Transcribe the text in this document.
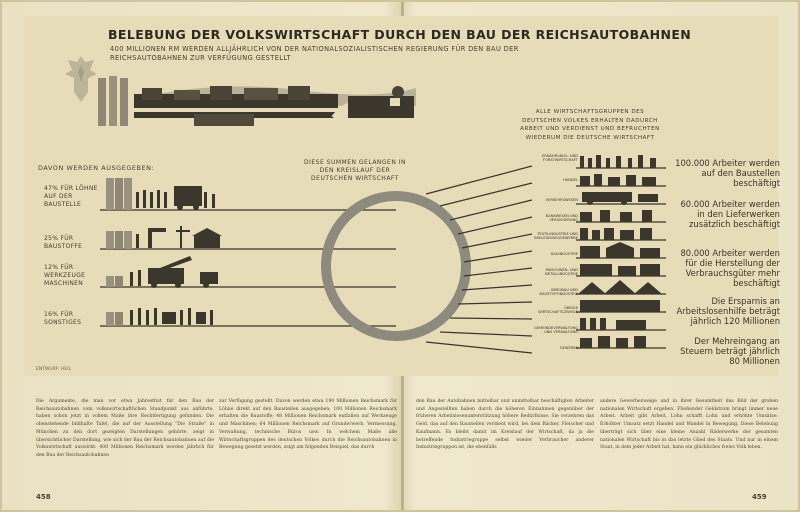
BELEBUNG DER VOLKSWIRTSCHAFT DURCH DEN BAU DER REICHSAUTOBAHNEN
400 MILLIONEN RM WERDEN ALLJÄHRLICH VON DER NATIONALSOZIALISTISCHEN REGIERUNG FÜR DEN BAU DER REICHSAUTOBAHNEN ZUR VERFÜGUNG GESTELLT
DAVON WERDEN AUSGEGEBEN:
47% FÜR LÖHNE AUF DER BAUSTELLE
25% FÜR BAUSTOFFE
12% FÜR WERKZEUGE MASCHINEN
16% FÜR SONSTIGES
DIESE SUMMEN GELANGEN IN DEN KREISLAUF DER DEUTSCHEN WIRTSCHAFT
ALLE WIRTSCHAFTSGRUPPEN DES DEUTSCHEN VOLKES ERHALTEN DADURCH ARBEIT UND VERDIENST UND BEFRUCHTEN WIEDERUM DIE DEUTSCHE WIRTSCHAFT
ERNÄHRUNGS- UND FORSTWIRTSCHAFT
HANDEL
VERKEHRSWESEN
BANKWESEN UND VERSICHERUNG
TEXTILINDUSTRIE UND BEKLEIDUNGSGEWERBE
BAUINDUSTRIE
MASCHINEN- UND METALLINDUSTRIE
BERGBAU UND BAUSTOFFINDUSTRIE
ÜBRIGE WIRTSCHAFTSZWEIGE
GEMEINDEVERWALTUNG UND VERWALTUNG
GEWERBE
100.000 Arbeiter werden auf den Baustellen beschäftigt
60.000 Arbeiter werden in den Lieferwerken zusätzlich beschäftigt
80.000 Arbeiter werden für die Herstellung der Verbrauchsgüter mehr beschäftigt
Die Ersparnis an Arbeitslosenhilfe beträgt jährlich 120 Millionen
Der Mehreingang an Steuern beträgt jährlich 80 Millionen
ENTWURF: HEIL
Die Argumente, die man vor etwa Jahresfrist für den Bau der Reichsautobahnen vom volkswirtschaftlichen Standpunkt aus anführte, haben schon jetzt in vollem Maße ihre Rechtfertigung gefunden. Die obenstehende bildhafte Tafel, die auf der Ausstellung "Die Straße" in München zu den dort gezeigten Darstellungen gehörte, zeigt in übersichtlicher Darstellung, wie sich der Bau der Reichsautobahnen auf die Volkswirtschaft auswirkt: 400 Millionen Reichsmark werden jährlich für den Bau der Reichsautobahnen
zur Verfügung gestellt. Davon werden etwa 190 Millionen Reichsmark für Löhne direkt auf den Baustellen ausgegeben; 100 Millionen Reichsmark erhalten die Baustoffe; 48 Millionen Reichsmark entfallen auf Werkzeuge und Maschinen; 64 Millionen Reichsmark auf Grunderwerb, Vermessung, Verwaltung, technische Büros usw. In welchem Maße alle Wirtschaftsgruppen des deutschen Volkes durch die Reichsautobahnen in Bewegung gesetzt werden, zeigt am folgenden Beispiel, das durch
den Bau der Autobahnen mittelbar und unmittelbar beschäftigten Arbeiter und Angestellten haben durch die höheren Einnahmen gegenüber der früheren Arbeitslosenunterstützung höhere Bedürfnisse. Sie verzehren das Geld, das auf den Baustellen verdient wird, bei dem Bäcker, Fleischer und Kaufmann. Es bleibt damit im Kreislauf der Wirtschaft, da ja die betreffende Industriegruppe selbst wieder Verbraucher anderer Industriegruppen ist, die ebenfalls
andere Gewerbezweige und in ihrer Gesamtheit das Bild der großen nationalen Wirtschaft ergeben. Fließender Geldstrom bringt immer neue Arbeit. Arbeit gibt Arbeit, Lohn schafft Lohn und erhöhte Umsätze. Erhöhter Umsatz setzt Handel und Wandel in Bewegung. Diese Belebung überträgt sich über eine kleine Anzahl Räderwerke der gesamten nationalen Wirtschaft bis in das letzte Glied des Staats. Und nur in einem Staat, in dem jeder Arbeit hat, kann ein glückliches freies Volk leben.
458	459
